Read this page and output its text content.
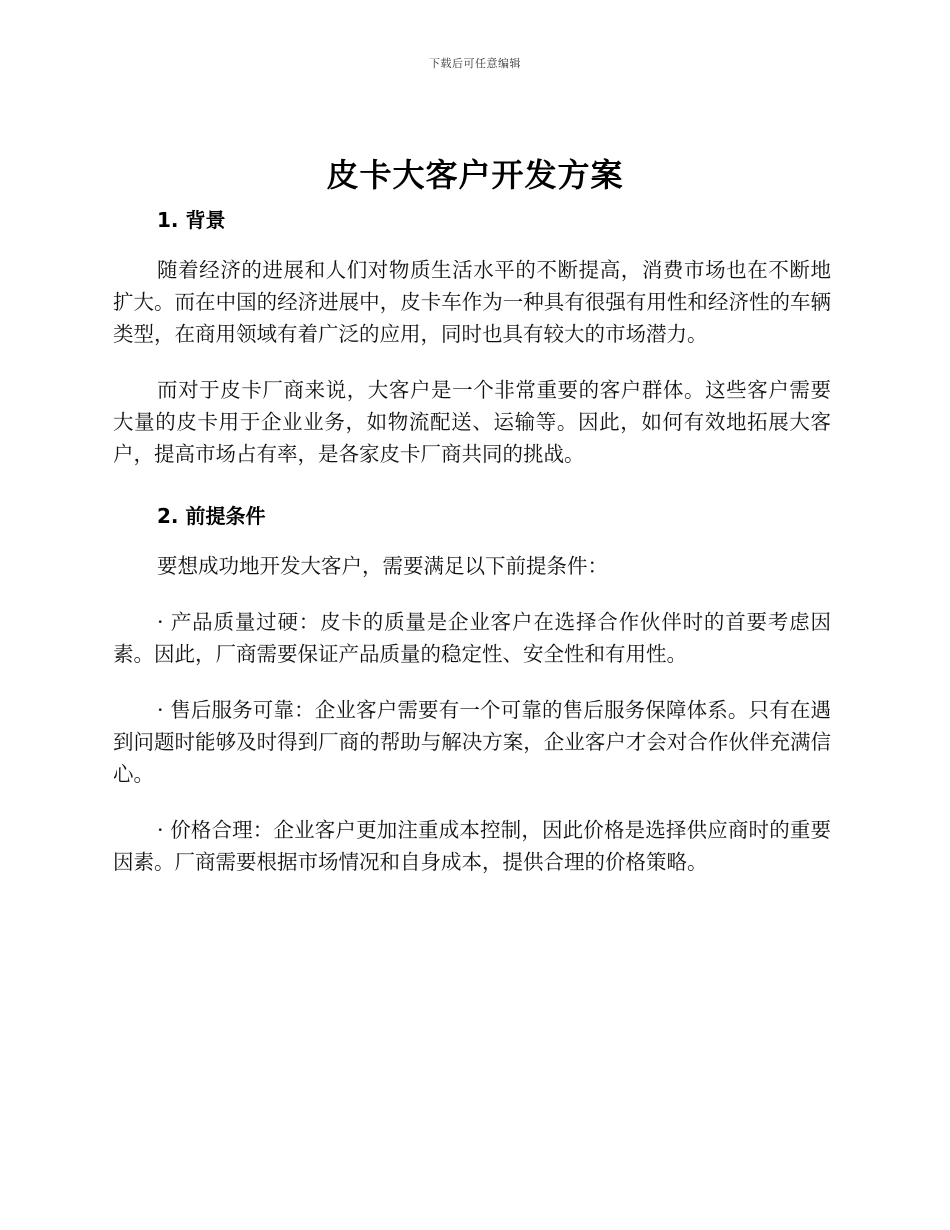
下载后可任意编辑
皮卡大客户开发方案
1. 背景

随着经济的进展和人们对物质生活水平的不断提高，消费市场也在不断地扩大。而在中国的经济进展中，皮卡车作为一种具有很强有用性和经济性的车辆类型，在商用领域有着广泛的应用，同时也具有较大的市场潜力。

而对于皮卡厂商来说，大客户是一个非常重要的客户群体。这些客户需要大量的皮卡用于企业业务，如物流配送、运输等。因此，如何有效地拓展大客户，提高市场占有率，是各家皮卡厂商共同的挑战。

2. 前提条件

要想成功地开发大客户，需要满足以下前提条件：

· 产品质量过硬：皮卡的质量是企业客户在选择合作伙伴时的首要考虑因素。因此，厂商需要保证产品质量的稳定性、安全性和有用性。

· 售后服务可靠：企业客户需要有一个可靠的售后服务保障体系。只有在遇到问题时能够及时得到厂商的帮助与解决方案，企业客户才会对合作伙伴充满信心。

· 价格合理：企业客户更加注重成本控制，因此价格是选择供应商时的重要因素。厂商需要根据市场情况和自身成本，提供合理的价格策略。
